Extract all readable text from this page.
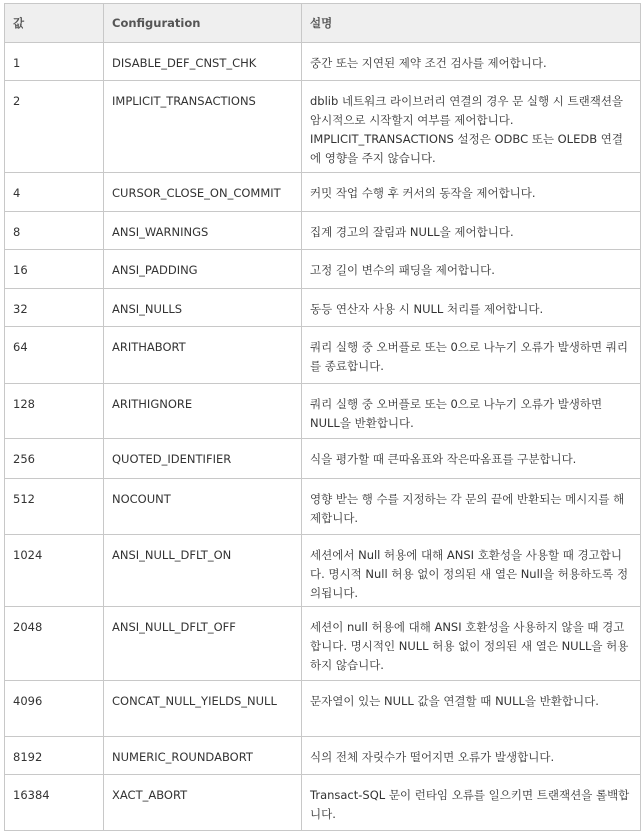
값	Configuration	설명
1	DISABLE_DEF_CNST_CHK	중간 또는 지연된 제약 조건 검사를 제어합니다.
2	IMPLICIT_TRANSACTIONS	dblib 네트워크 라이브러리 연결의 경우 문 실행 시 트랜잭션을 암시적으로 시작할지 여부를 제어합니다. IMPLICIT_TRANSACTIONS 설정은 ODBC 또는 OLEDB 연결에 영향을 주지 않습니다.
4	CURSOR_CLOSE_ON_COMMIT	커밋 작업 수행 후 커서의 동작을 제어합니다.
8	ANSI_WARNINGS	집계 경고의 잘림과 NULL을 제어합니다.
16	ANSI_PADDING	고정 길이 변수의 패딩을 제어합니다.
32	ANSI_NULLS	동등 연산자 사용 시 NULL 처리를 제어합니다.
64	ARITHABORT	쿼리 실행 중 오버플로 또는 0으로 나누기 오류가 발생하면 쿼리를 종료합니다.
128	ARITHIGNORE	쿼리 실행 중 오버플로 또는 0으로 나누기 오류가 발생하면 NULL을 반환합니다.
256	QUOTED_IDENTIFIER	식을 평가할 때 큰따옴표와 작은따옴표를 구분합니다.
512	NOCOUNT	영향 받는 행 수를 지정하는 각 문의 끝에 반환되는 메시지를 해제합니다.
1024	ANSI_NULL_DFLT_ON	세션에서 Null 허용에 대해 ANSI 호환성을 사용할 때 경고합니다. 명시적 Null 허용 없이 정의된 새 열은 Null을 허용하도록 정의됩니다.
2048	ANSI_NULL_DFLT_OFF	세션이 null 허용에 대해 ANSI 호환성을 사용하지 않을 때 경고합니다. 명시적인 NULL 허용 없이 정의된 새 열은 NULL을 허용하지 않습니다.
4096	CONCAT_NULL_YIELDS_NULL	문자열이 있는 NULL 값을 연결할 때 NULL을 반환합니다.
8192	NUMERIC_ROUNDABORT	식의 전체 자릿수가 떨어지면 오류가 발생합니다.
16384	XACT_ABORT	Transact-SQL 문이 런타임 오류를 일으키면 트랜잭션을 롤백합니다.
